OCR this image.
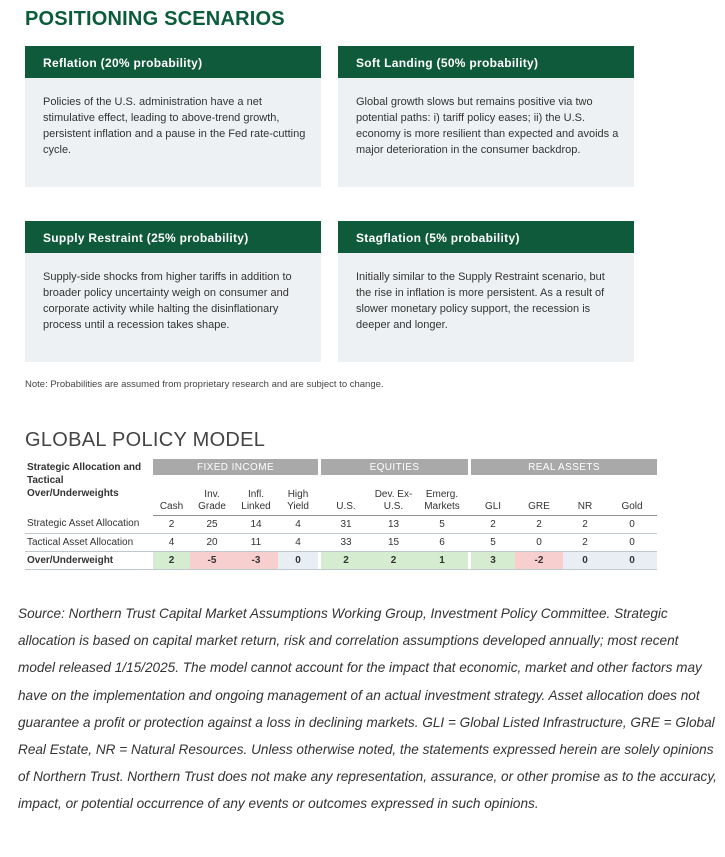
POSITIONING SCENARIOS
Reflation (20% probability)
Policies of the U.S. administration have a net stimulative effect, leading to above-trend growth, persistent inflation and a pause in the Fed rate-cutting cycle.
Soft Landing (50% probability)
Global growth slows but remains positive via two potential paths: i) tariff policy eases; ii) the U.S. economy is more resilient than expected and avoids a major deterioration in the consumer backdrop.
Supply Restraint (25% probability)
Supply-side shocks from higher tariffs in addition to broader policy uncertainty weigh on consumer and corporate activity while halting the disinflationary process until a recession takes shape.
Stagflation (5% probability)
Initially similar to the Supply Restraint scenario, but the rise in inflation is more persistent. As a result of slower monetary policy support, the recession is deeper and longer.
Note: Probabilities are assumed from proprietary research and are subject to change.
GLOBAL POLICY MODEL
Strategic Allocation and Tactical Over/Underweights	FIXED INCOME					EQUITIES				REAL ASSETS			
	Cash	Inv. Grade	Infl. Linked	High Yield		U.S.	Dev. Ex-U.S.	Emerg. Markets		GLI	GRE	NR	Gold
Strategic Asset Allocation	2	25	14	4		31	13	5		2	2	2	0
Tactical Asset Allocation	4	20	11	4		33	15	6		5	0	2	0
Over/Underweight	2	-5	-3	0		2	2	1		3	-2	0	0
Source: Northern Trust Capital Market Assumptions Working Group, Investment Policy Committee. Strategic allocation is based on capital market return, risk and correlation assumptions developed annually; most recent model released 1/15/2025. The model cannot account for the impact that economic, market and other factors may have on the implementation and ongoing management of an actual investment strategy. Asset allocation does not guarantee a profit or protection against a loss in declining markets. GLI = Global Listed Infrastructure, GRE = Global Real Estate, NR = Natural Resources. Unless otherwise noted, the statements expressed herein are solely opinions of Northern Trust. Northern Trust does not make any representation, assurance, or other promise as to the accuracy, impact, or potential occurrence of any events or outcomes expressed in such opinions.
